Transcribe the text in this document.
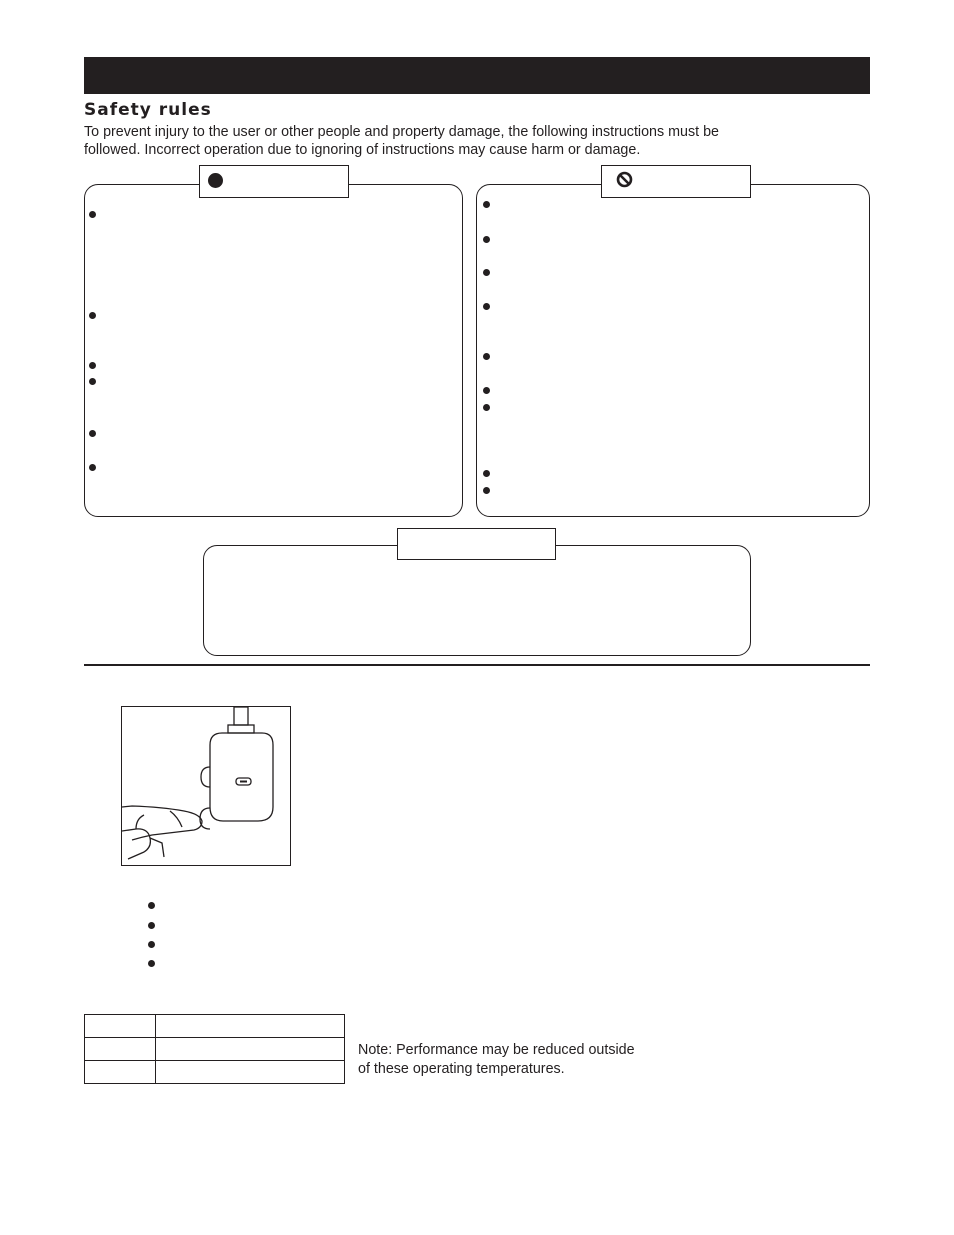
Safety rules
To prevent injury to the user or other people and property damage, the following instructions must be
followed. Incorrect operation due to ignoring of instructions may cause harm or damage.

Note: Performance may be reduced outside
of these operating temperatures.
